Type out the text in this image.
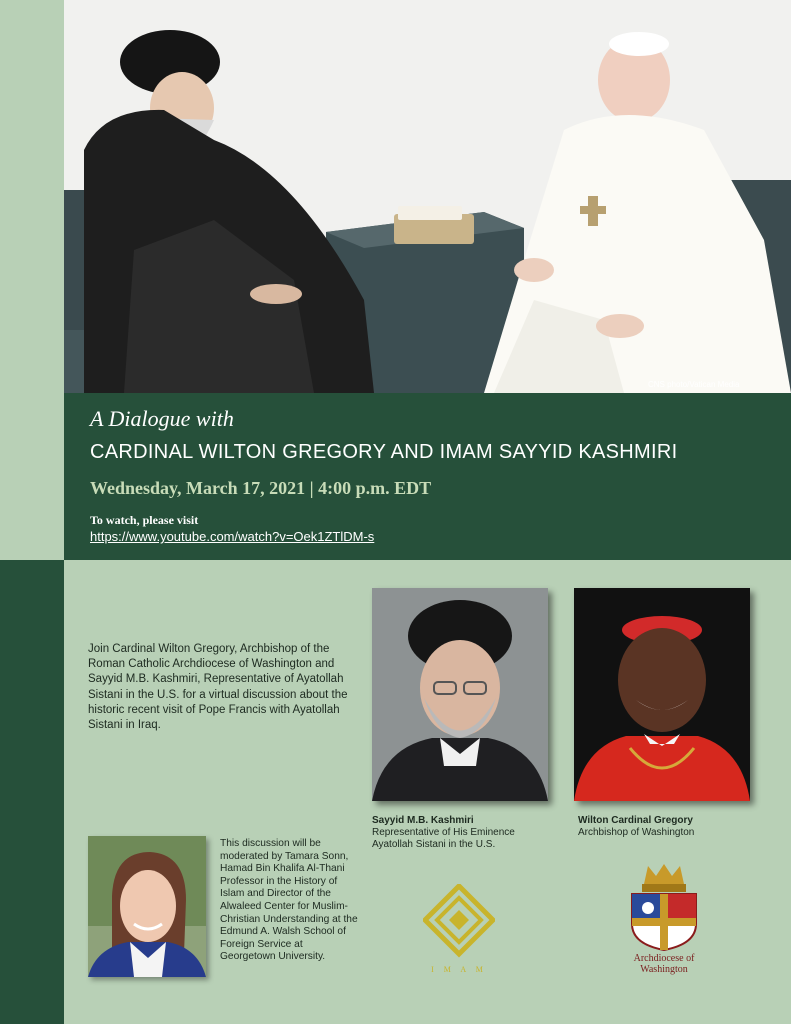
CNS photo/Vatican Media
A Dialogue with
CARDINAL WILTON GREGORY AND IMAM SAYYID KASHMIRI
Wednesday, March 17, 2021 | 4:00 p.m. EDT
To watch, please visit
https://www.youtube.com/watch?v=Oek1ZTlDM-s
Join Cardinal Wilton Gregory, Archbishop of the Roman Catholic Archdiocese of Washington and Sayyid M.B. Kashmiri, Representative of Ayatollah Sistani in the U.S. for a virtual discussion about the historic recent visit of Pope Francis with Ayatollah Sistani in Iraq.
Sayyid M.B. Kashmiri
Representative of His Eminence
Ayatollah Sistani in the U.S.
Wilton Cardinal Gregory
Archbishop of Washington
This discussion will be moderated by Tamara Sonn, Hamad Bin Khalifa Al-Thani Professor in the History of Islam and Director of the Alwaleed Center for Muslim-Christian Understanding at the Edmund A. Walsh School of Foreign Service at Georgetown University.
I M A M
Archdiocese of
Washington
